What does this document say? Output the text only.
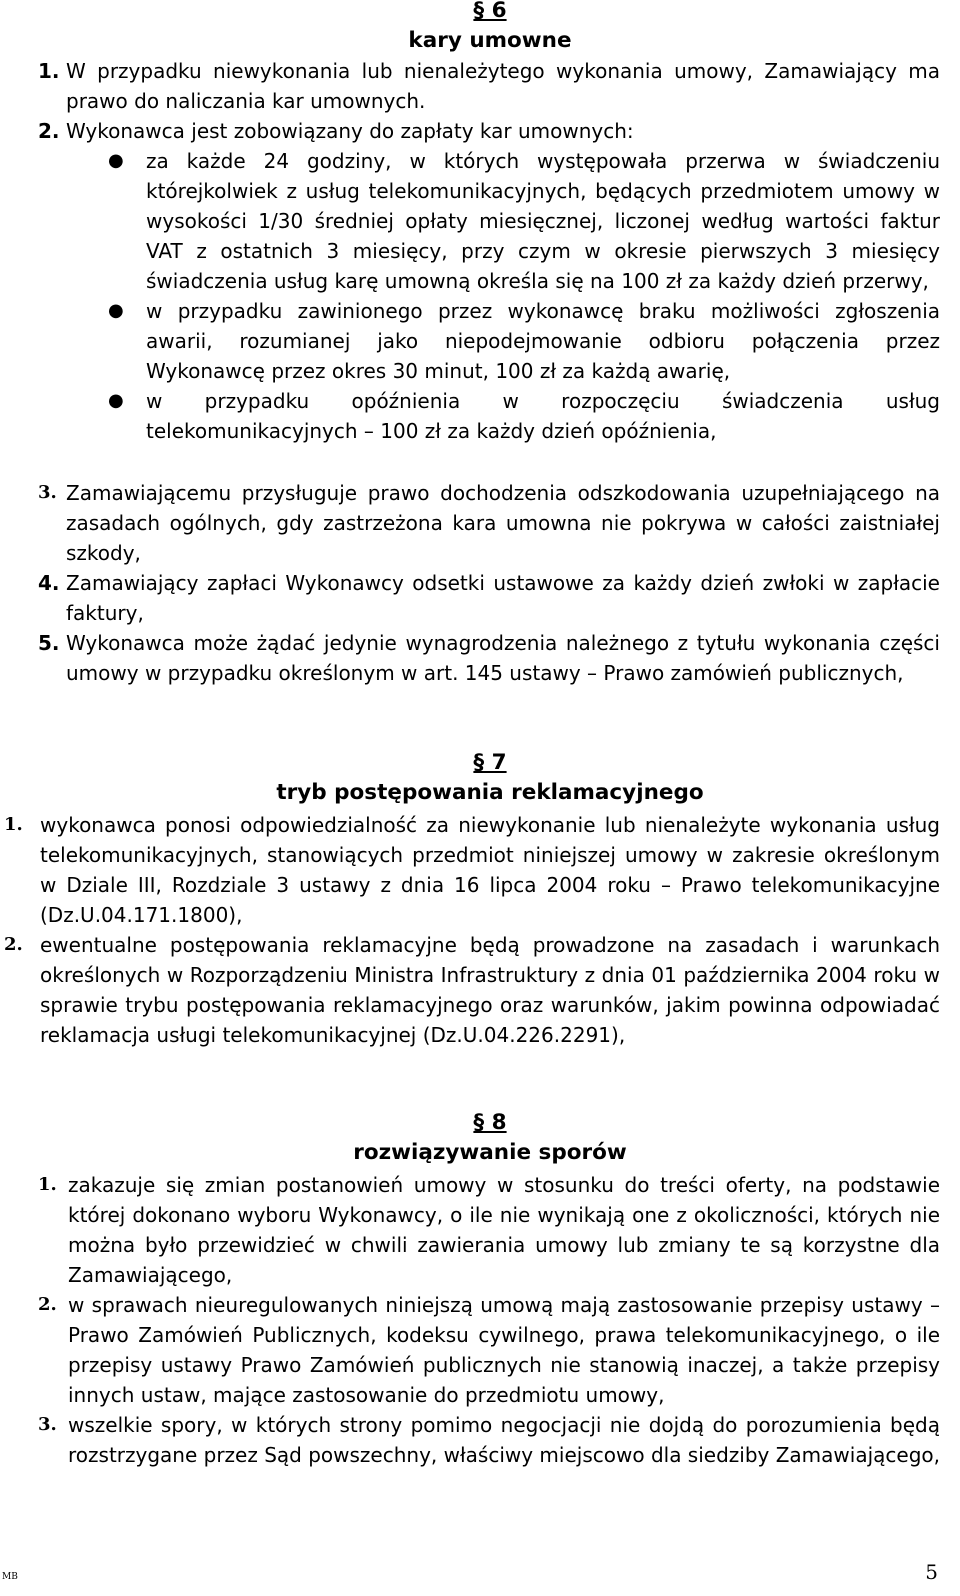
§ 6
kary umowne
1. W przypadku niewykonania lub nienależytego wykonania umowy, Zamawiający ma prawo do naliczania kar umownych.
2. Wykonawca jest zobowiązany do zapłaty kar umownych:
●	za każde 24 godziny, w których występowała przerwa w świadczeniu którejkolwiek z usług telekomunikacyjnych, będących przedmiotem umowy w wysokości 1/30 średniej opłaty miesięcznej, liczonej według wartości faktur VAT z ostatnich 3 miesięcy, przy czym w okresie pierwszych 3 miesięcy świadczenia usług karę umowną określa się na 100 zł za każdy dzień przerwy,
●	w przypadku zawinionego przez wykonawcę braku możliwości zgłoszenia awarii, rozumianej jako niepodejmowanie odbioru połączenia przez Wykonawcę przez okres 30 minut, 100 zł za każdą awarię,
●	w przypadku opóźnienia w rozpoczęciu świadczenia usług telekomunikacyjnych – 100 zł za każdy dzień opóźnienia,
3. Zamawiającemu przysługuje prawo dochodzenia odszkodowania uzupełniającego na zasadach ogólnych, gdy zastrzeżona kara umowna nie pokrywa w całości zaistniałej szkody,
4. Zamawiający zapłaci Wykonawcy odsetki ustawowe za każdy dzień zwłoki w zapłacie faktury,
5. Wykonawca może żądać jedynie wynagrodzenia należnego z tytułu wykonania części umowy w przypadku określonym w art. 145 ustawy – Prawo zamówień publicznych,
§ 7
tryb postępowania reklamacyjnego
1. wykonawca ponosi odpowiedzialność za niewykonanie lub nienależyte wykonania usług telekomunikacyjnych, stanowiących przedmiot niniejszej umowy w zakresie określonym w Dziale III, Rozdziale 3 ustawy z dnia 16 lipca 2004 roku – Prawo telekomunikacyjne (Dz.U.04.171.1800),
2. ewentualne postępowania reklamacyjne będą prowadzone na zasadach i warunkach określonych w Rozporządzeniu Ministra Infrastruktury z dnia 01 października 2004 roku w sprawie trybu postępowania reklamacyjnego oraz warunków, jakim powinna odpowiadać reklamacja usługi telekomunikacyjnej (Dz.U.04.226.2291),
§ 8
rozwiązywanie sporów
1. zakazuje się zmian postanowień umowy w stosunku do treści oferty, na podstawie której dokonano wyboru Wykonawcy, o ile nie wynikają one z okoliczności, których nie można było przewidzieć w chwili zawierania umowy lub zmiany te są korzystne dla Zamawiającego,
2. w sprawach nieuregulowanych niniejszą umową mają zastosowanie przepisy ustawy – Prawo Zamówień Publicznych, kodeksu cywilnego, prawa telekomunikacyjnego, o ile przepisy ustawy Prawo Zamówień publicznych nie stanowią inaczej, a także przepisy innych ustaw, mające zastosowanie do przedmiotu umowy,
3. wszelkie spory, w których strony pomimo negocjacji nie dojdą do porozumienia będą rozstrzygane przez Sąd powszechny, właściwy miejscowo dla siedziby Zamawiającego,
MB	5
